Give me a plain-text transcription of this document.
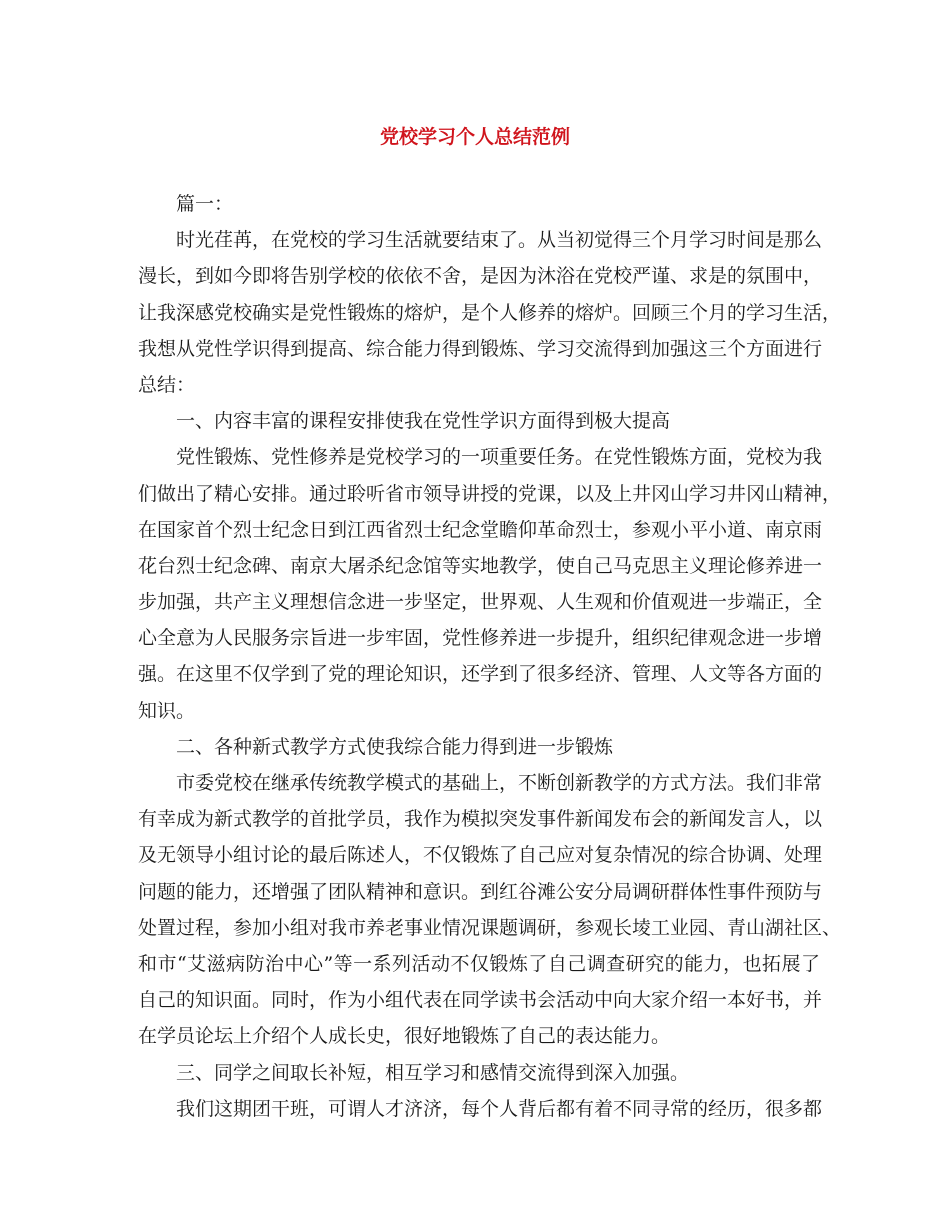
党校学习个人总结范例
篇一：
时光荏苒，在党校的学习生活就要结束了。从当初觉得三个月学习时间是那么
漫长，到如今即将告别学校的依依不舍，是因为沐浴在党校严谨、求是的氛围中，
让我深感党校确实是党性锻炼的熔炉，是个人修养的熔炉。回顾三个月的学习生活，
我想从党性学识得到提高、综合能力得到锻炼、学习交流得到加强这三个方面进行
总结：
一、内容丰富的课程安排使我在党性学识方面得到极大提高
党性锻炼、党性修养是党校学习的一项重要任务。在党性锻炼方面，党校为我
们做出了精心安排。通过聆听省市领导讲授的党课，以及上井冈山学习井冈山精神，
在国家首个烈士纪念日到江西省烈士纪念堂瞻仰革命烈士，参观小平小道、南京雨
花台烈士纪念碑、南京大屠杀纪念馆等实地教学，使自己马克思主义理论修养进一
步加强，共产主义理想信念进一步坚定，世界观、人生观和价值观进一步端正，全
心全意为人民服务宗旨进一步牢固，党性修养进一步提升，组织纪律观念进一步增
强。在这里不仅学到了党的理论知识，还学到了很多经济、管理、人文等各方面的
知识。
二、各种新式教学方式使我综合能力得到进一步锻炼
市委党校在继承传统教学模式的基础上，不断创新教学的方式方法。我们非常
有幸成为新式教学的首批学员，我作为模拟突发事件新闻发布会的新闻发言人，以
及无领导小组讨论的最后陈述人，不仅锻炼了自己应对复杂情况的综合协调、处理
问题的能力，还增强了团队精神和意识。到红谷滩公安分局调研群体性事件预防与
处置过程，参加小组对我市养老事业情况课题调研，参观长堎工业园、青山湖社区、
和市“艾滋病防治中心”等一系列活动不仅锻炼了自己调查研究的能力，也拓展了
自己的知识面。同时，作为小组代表在同学读书会活动中向大家介绍一本好书，并
在学员论坛上介绍个人成长史，很好地锻炼了自己的表达能力。
三、同学之间取长补短，相互学习和感情交流得到深入加强。
我们这期团干班，可谓人才济济，每个人背后都有着不同寻常的经历，很多都
